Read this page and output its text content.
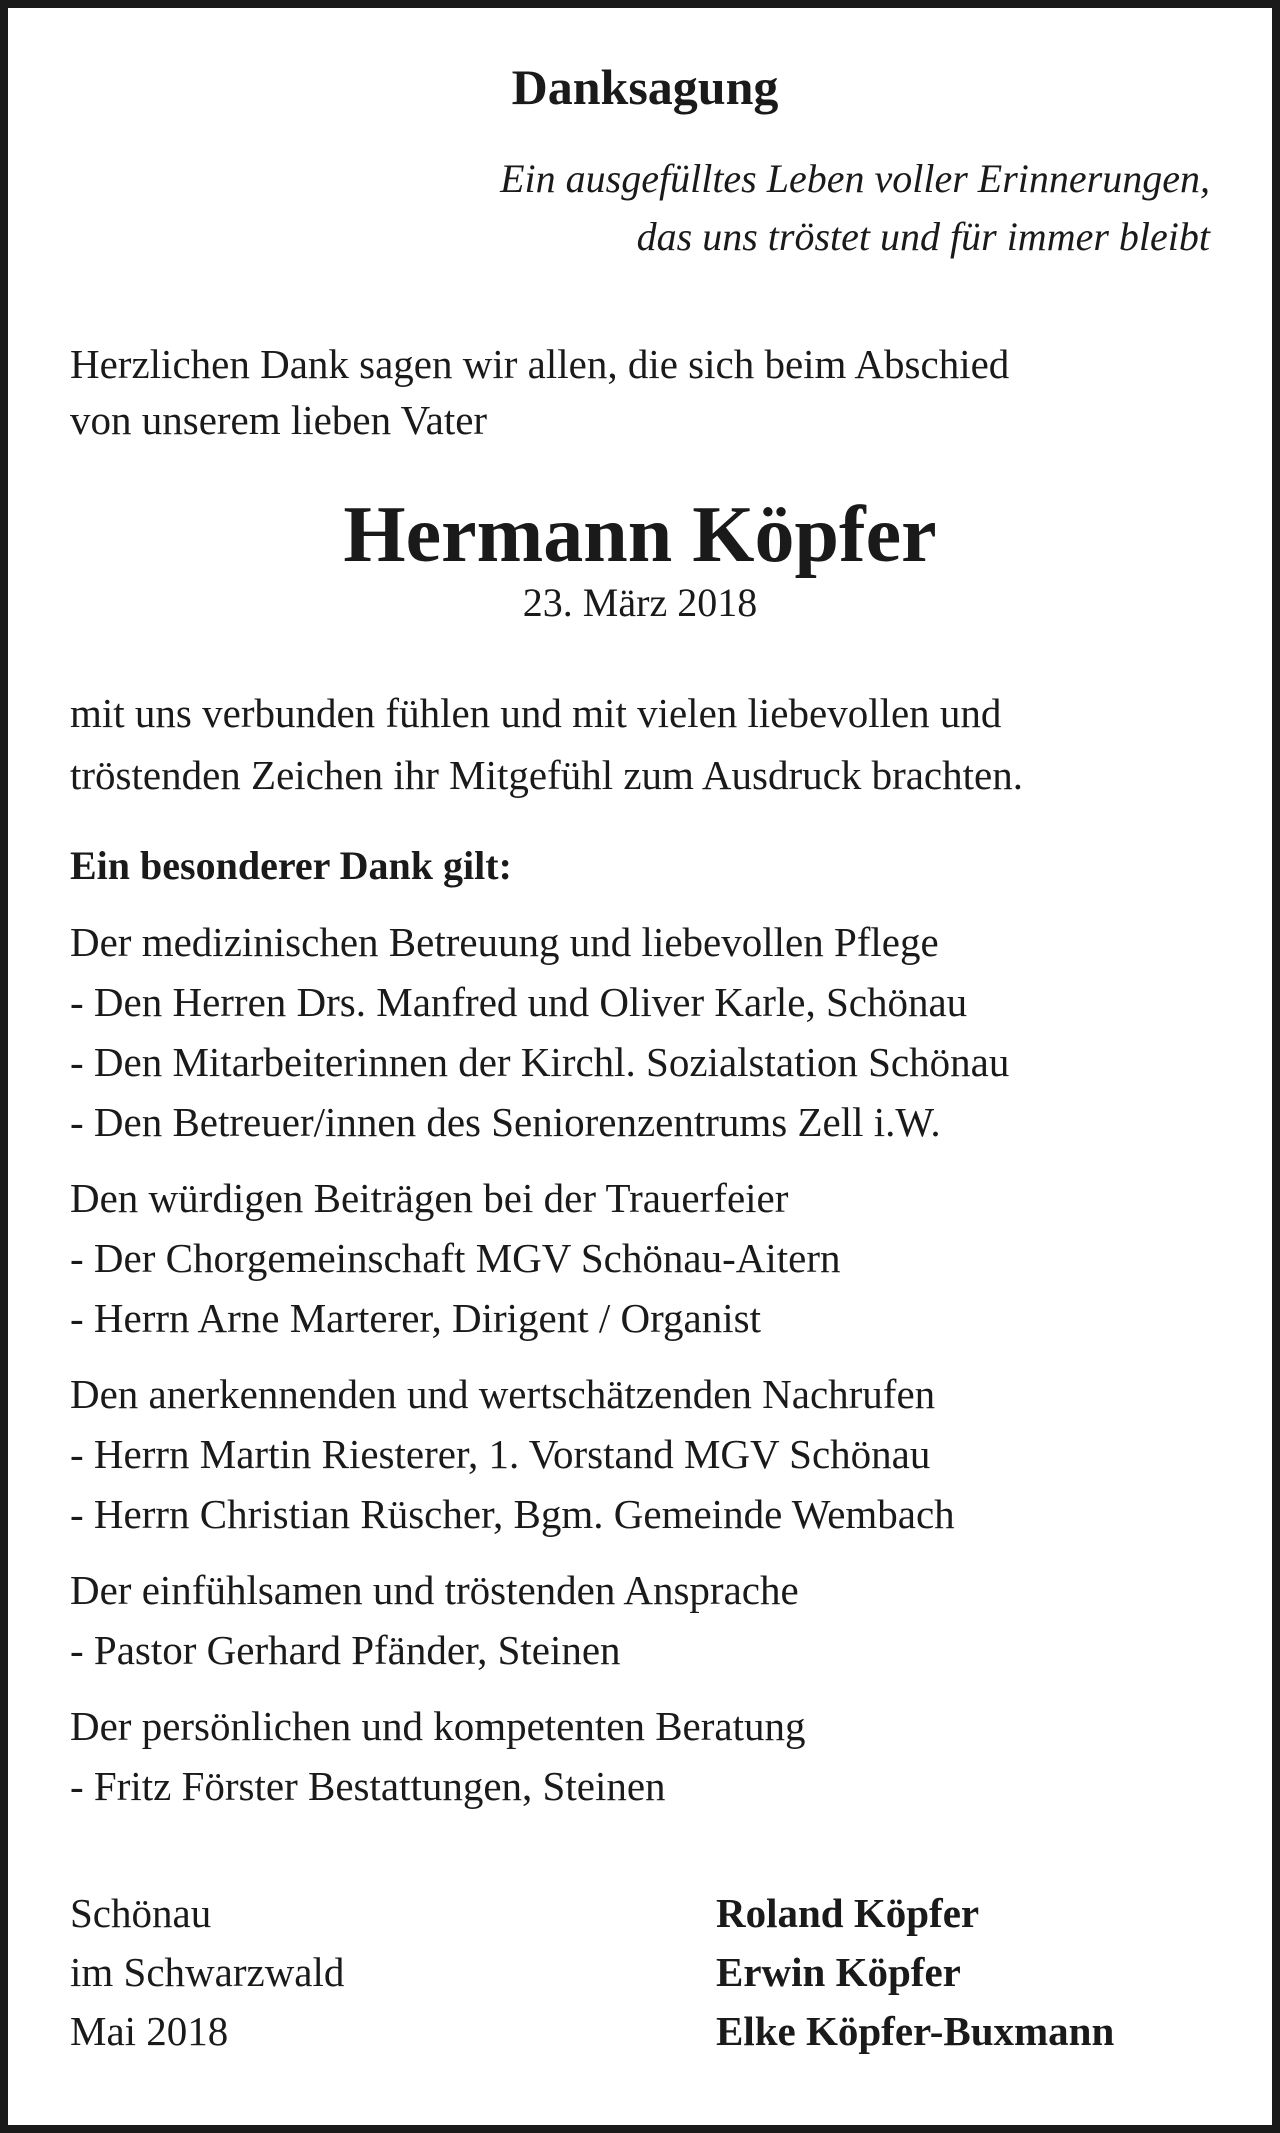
Danksagung
Ein ausgefülltes Leben voller Erinnerungen,
das uns tröstet und für immer bleibt
Herzlichen Dank sagen wir allen, die sich beim Abschied
von unserem lieben Vater
Hermann Köpfer
23. März 2018
mit uns verbunden fühlen und mit vielen liebevollen und
tröstenden Zeichen ihr Mitgefühl zum Ausdruck brachten.
Ein besonderer Dank gilt:
Der medizinischen Betreuung und liebevollen Pflege
- Den Herren Drs. Manfred und Oliver Karle, Schönau
- Den Mitarbeiterinnen der Kirchl. Sozialstation Schönau
- Den Betreuer/innen des Seniorenzentrums Zell i.W.
Den würdigen Beiträgen bei der Trauerfeier
- Der Chorgemeinschaft MGV Schönau-Aitern
- Herrn Arne Marterer, Dirigent / Organist
Den anerkennenden und wertschätzenden Nachrufen
- Herrn Martin Riesterer, 1. Vorstand MGV Schönau
- Herrn Christian Rüscher, Bgm. Gemeinde Wembach
Der einfühlsamen und tröstenden Ansprache
- Pastor Gerhard Pfänder, Steinen
Der persönlichen und kompetenten Beratung
- Fritz Förster Bestattungen, Steinen
Schönau
im Schwarzwald
Mai 2018
Roland Köpfer
Erwin Köpfer
Elke Köpfer-Buxmann
